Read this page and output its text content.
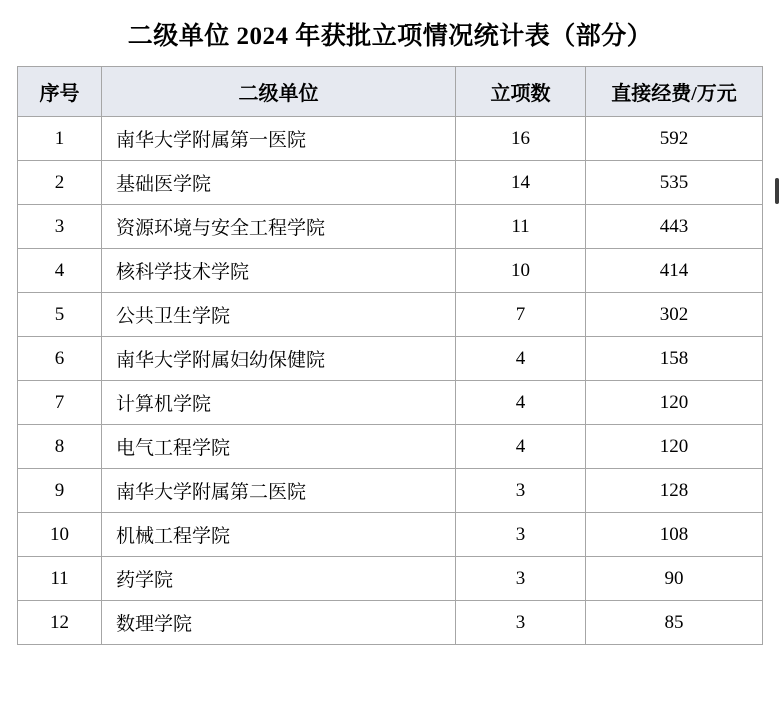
二级单位 2024 年获批立项情况统计表（部分）
序号	二级单位	立项数	直接经费/万元
1	南华大学附属第一医院	16	592
2	基础医学院	14	535
3	资源环境与安全工程学院	11	443
4	核科学技术学院	10	414
5	公共卫生学院	7	302
6	南华大学附属妇幼保健院	4	158
7	计算机学院	4	120
8	电气工程学院	4	120
9	南华大学附属第二医院	3	128
10	机械工程学院	3	108
11	药学院	3	90
12	数理学院	3	85
